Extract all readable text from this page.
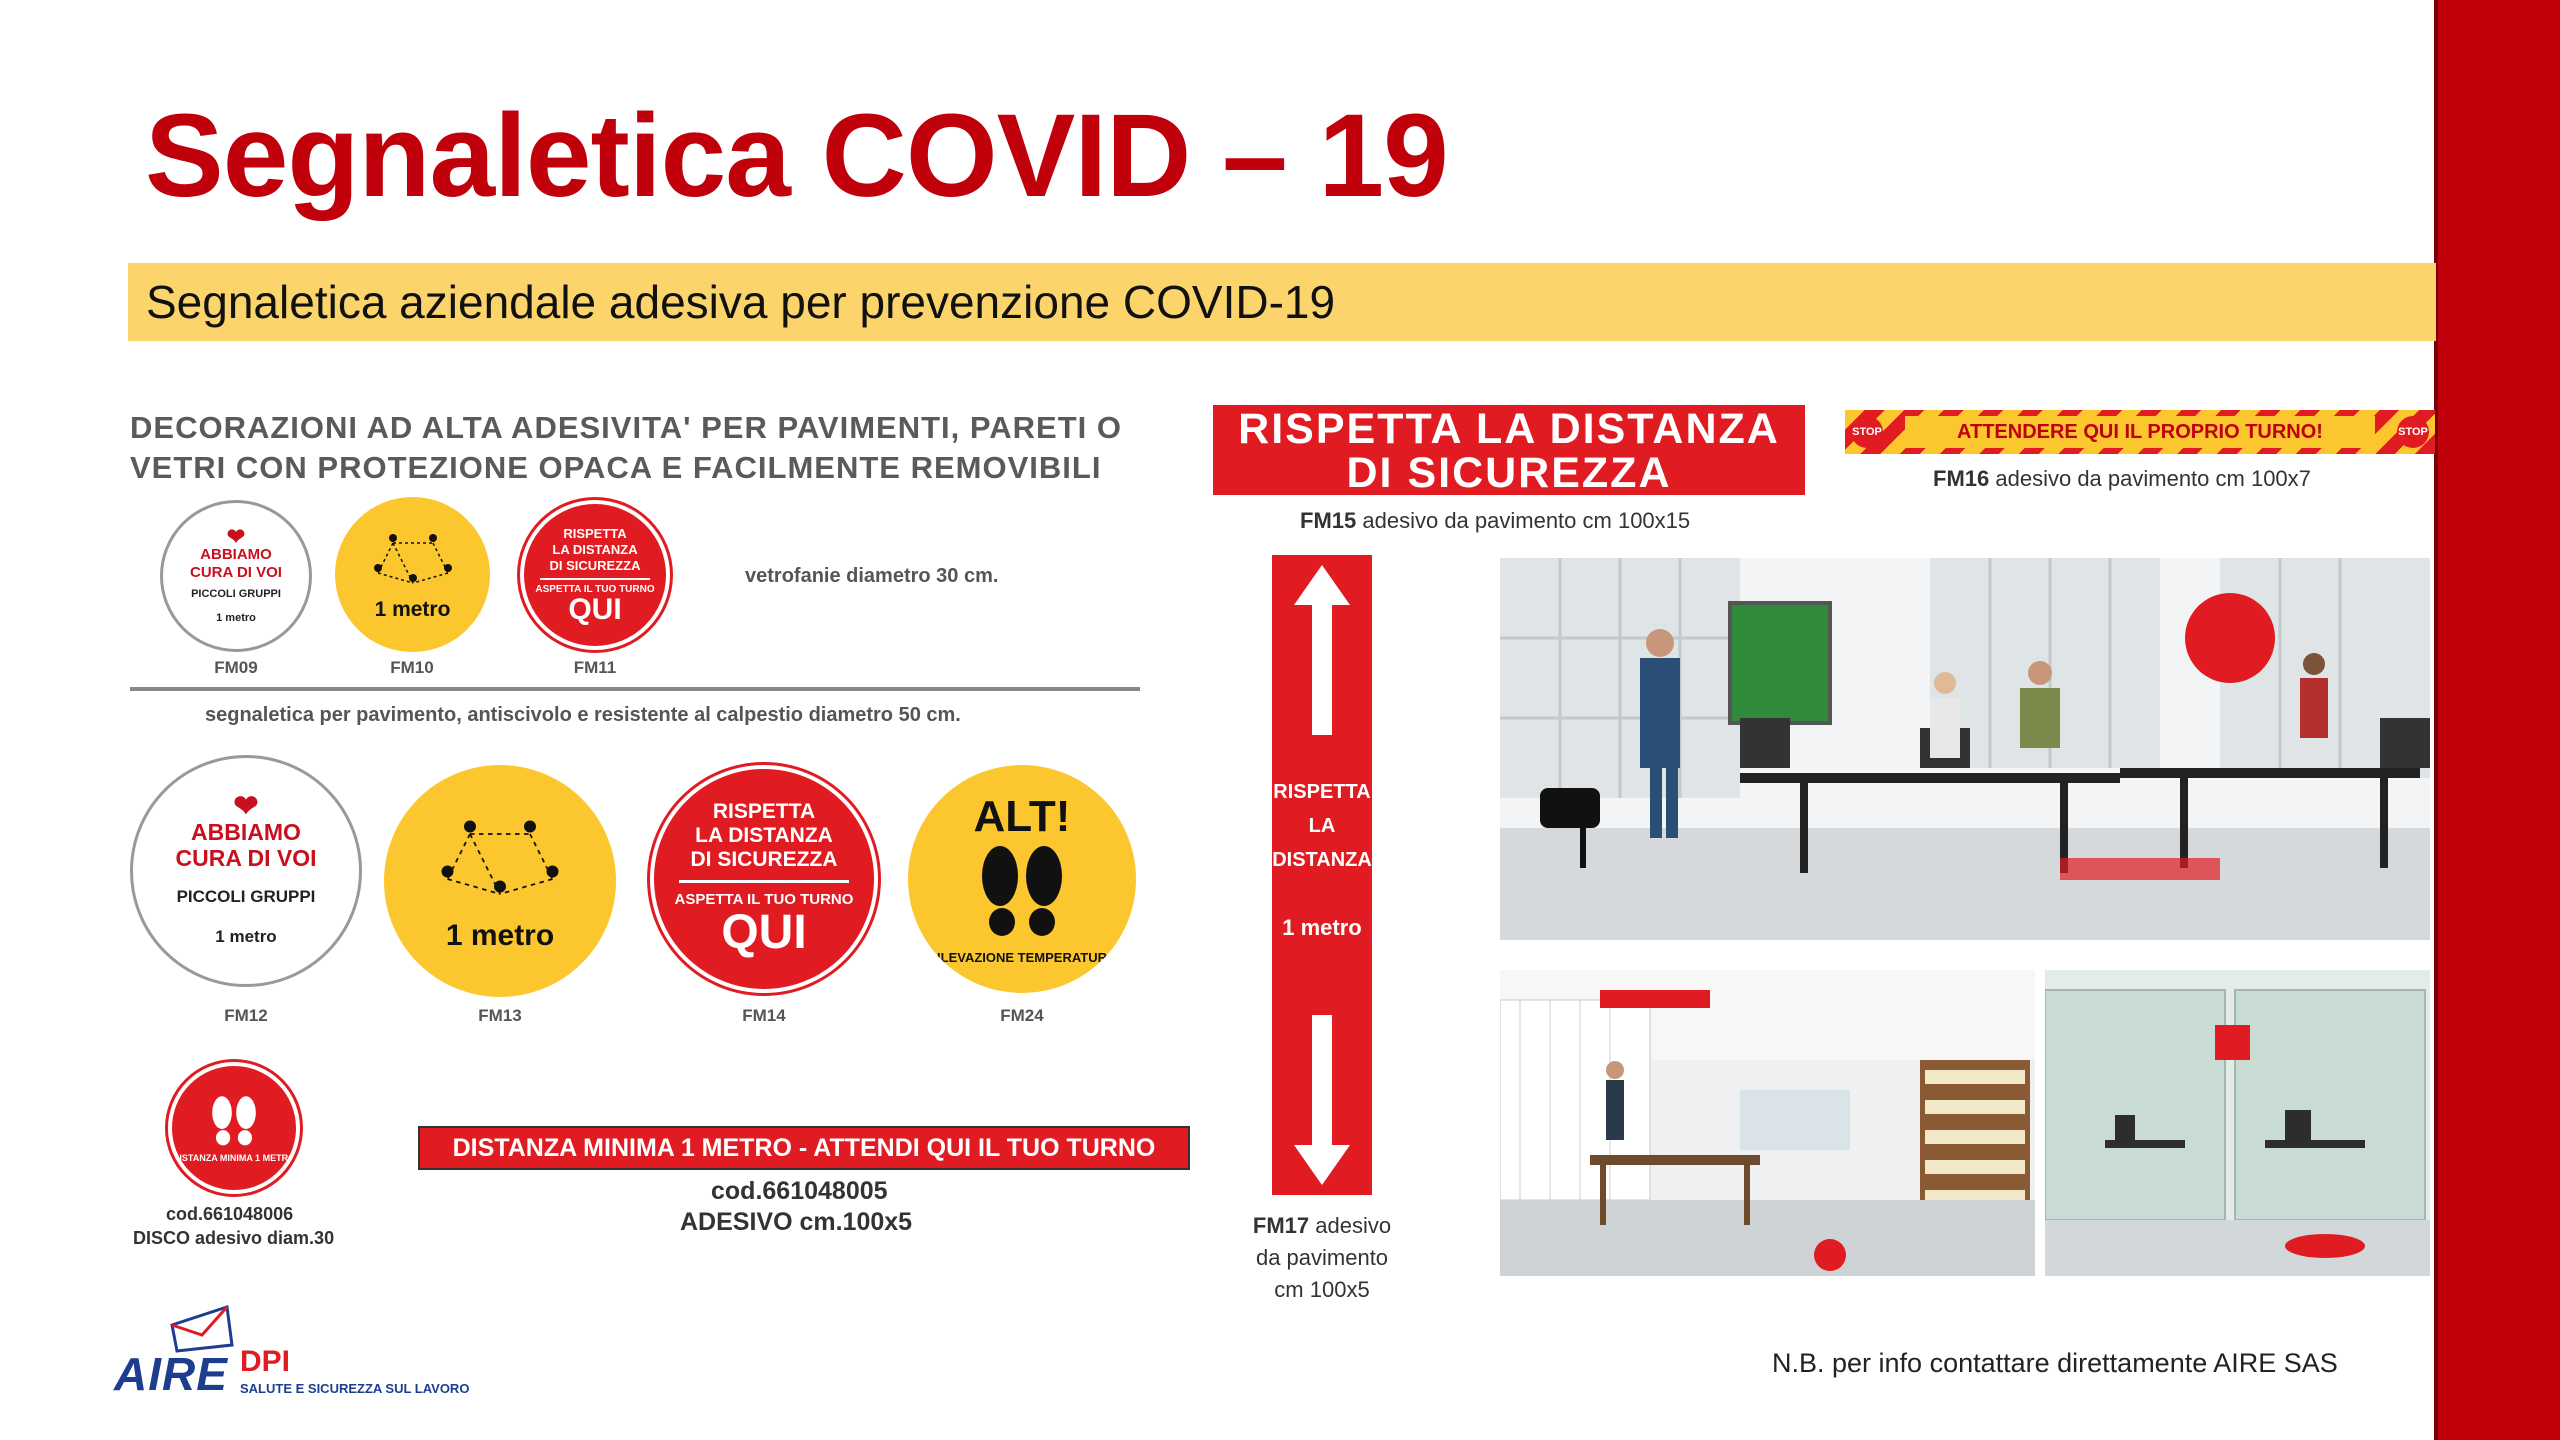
Segnaletica COVID – 19
Segnaletica aziendale adesiva per prevenzione COVID-19
DECORAZIONI AD ALTA ADESIVITA' PER PAVIMENTI, PARETI O
VETRI CON PROTEZIONE OPACA E FACILMENTE REMOVIBILI
❤
ABBIAMO
CURA DI VOI
PICCOLI GRUPPI
1 metro
FM09
1 metro
FM10
RISPETTA
LA DISTANZA
DI SICUREZZA
ASPETTA IL TUO TURNO
QUI
FM11
vetrofanie diametro 30 cm.
segnaletica per pavimento, antiscivolo e resistente al calpestio diametro 50 cm.
❤
ABBIAMO
CURA DI VOI
PICCOLI GRUPPI
1 metro
FM12
1 metro
FM13
RISPETTA
LA DISTANZA
DI SICUREZZA
ASPETTA IL TUO TURNO
QUI
FM14
ALT!
RILEVAZIONE TEMPERATURA
FM24
DISTANZA MINIMA 1 METRO
cod.661048006
DISCO adesivo diam.30
DISTANZA MINIMA 1 METRO - ATTENDI QUI IL TUO TURNO
cod.661048005
ADESIVO cm.100x5
RISPETTA LA DISTANZA
DI SICUREZZA
FM15 adesivo da pavimento cm 100x15
STOP	ATTENDERE QUI IL PROPRIO TURNO!	STOP
FM16 adesivo da pavimento cm 100x7
RISPETTA
LA
DISTANZA
1 metro
FM17 adesivo
da pavimento
cm 100x5
AIRE DPI
SALUTE E SICUREZZA SUL LAVORO
N.B. per info contattare direttamente AIRE SAS
